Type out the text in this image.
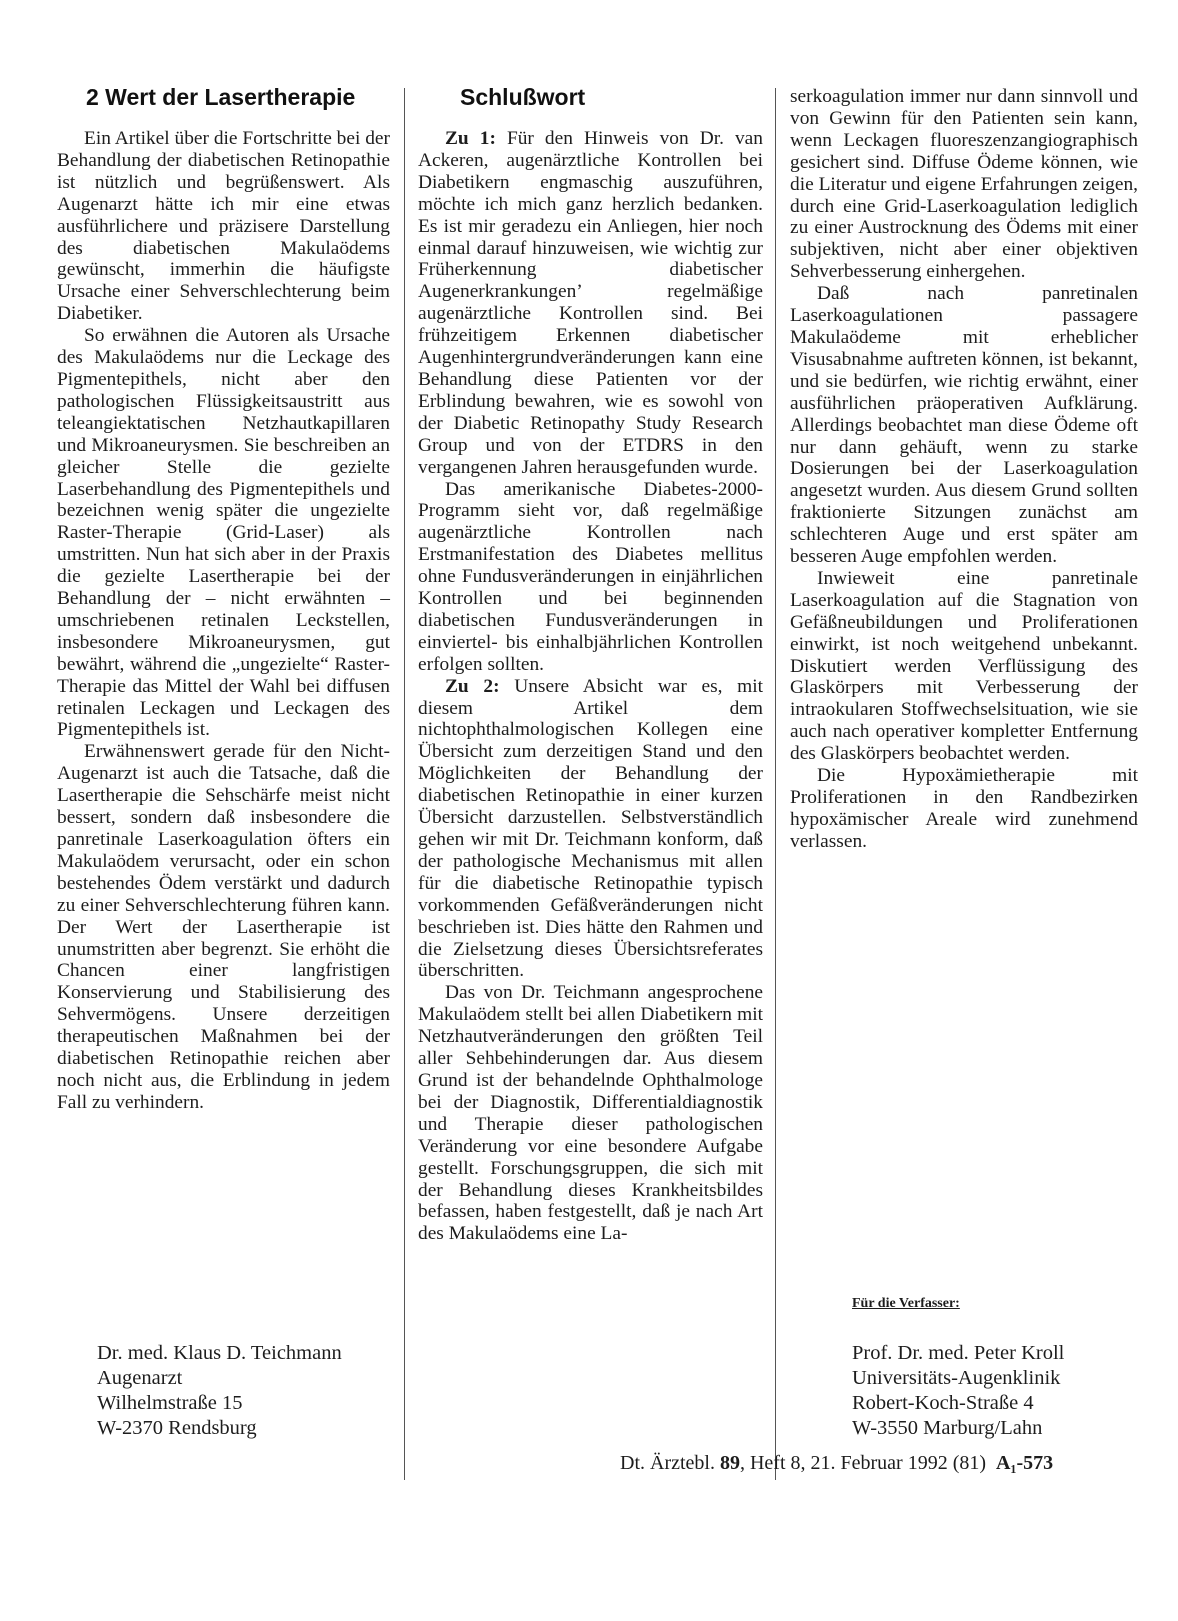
2 Wert der Lasertherapie

Ein Artikel über die Fortschritte bei der Behandlung der diabetischen Retinopathie ist nützlich und begrüßenswert. Als Augenarzt hätte ich mir eine etwas ausführlichere und präzisere Darstellung des diabetischen Makulaödems gewünscht, immerhin die häufigste Ursache einer Sehverschlechterung beim Diabetiker.

So erwähnen die Autoren als Ursache des Makulaödems nur die Leckage des Pigmentepithels, nicht aber den pathologischen Flüssigkeitsaustritt aus teleangiektatischen Netzhautkapillaren und Mikroaneurysmen. Sie beschreiben an gleicher Stelle die gezielte Laserbehandlung des Pigmentepithels und bezeichnen wenig später die ungezielte Raster-Therapie (Grid-Laser) als umstritten. Nun hat sich aber in der Praxis die gezielte Lasertherapie bei der Behandlung der – nicht erwähnten – umschriebenen retinalen Leckstellen, insbesondere Mikroaneurysmen, gut bewährt, während die „ungezielte“ Raster-Therapie das Mittel der Wahl bei diffusen retinalen Leckagen und Leckagen des Pigmentepithels ist.

Erwähnenswert gerade für den Nicht-Augenarzt ist auch die Tatsache, daß die Lasertherapie die Sehschärfe meist nicht bessert, sondern daß insbesondere die panretinale Laserkoagulation öfters ein Makulaödem verursacht, oder ein schon bestehendes Ödem verstärkt und dadurch zu einer Sehverschlechterung führen kann. Der Wert der Lasertherapie ist unumstritten aber begrenzt. Sie erhöht die Chancen einer langfristigen Konservierung und Stabilisierung des Sehvermögens. Unsere derzeitigen therapeutischen Maßnahmen bei der diabetischen Retinopathie reichen aber noch nicht aus, die Erblindung in jedem Fall zu verhindern.

Dr. med. Klaus D. Teichmann
Augenarzt
Wilhelmstraße 15
W-2370 Rendsburg
Schlußwort

Zu 1: Für den Hinweis von Dr. van Ackeren, augenärztliche Kontrollen bei Diabetikern engmaschig auszuführen, möchte ich mich ganz herzlich bedanken. Es ist mir geradezu ein Anliegen, hier noch einmal darauf hinzuweisen, wie wichtig zur Früherkennung diabetischer Augenerkrankungen’ regelmäßige augenärztliche Kontrollen sind. Bei frühzeitigem Erkennen diabetischer Augenhintergrundveränderungen kann eine Behandlung diese Patienten vor der Erblindung bewahren, wie es sowohl von der Diabetic Retinopathy Study Research Group und von der ETDRS in den vergangenen Jahren herausgefunden wurde.

Das amerikanische Diabetes-2000-Programm sieht vor, daß regelmäßige augenärztliche Kontrollen nach Erstmanifestation des Diabetes mellitus ohne Fundusveränderungen in einjährlichen Kontrollen und bei beginnenden diabetischen Fundusveränderungen in einviertel- bis einhalbjährlichen Kontrollen erfolgen sollten.

Zu 2: Unsere Absicht war es, mit diesem Artikel dem nichtophthalmologischen Kollegen eine Übersicht zum derzeitigen Stand und den Möglichkeiten der Behandlung der diabetischen Retinopathie in einer kurzen Übersicht darzustellen. Selbstverständlich gehen wir mit Dr. Teichmann konform, daß der pathologische Mechanismus mit allen für die diabetische Retinopathie typisch vorkommenden Gefäßveränderungen nicht beschrieben ist. Dies hätte den Rahmen und die Zielsetzung dieses Übersichtsreferates überschritten.

Das von Dr. Teichmann angesprochene Makulaödem stellt bei allen Diabetikern mit Netzhautveränderungen den größten Teil aller Sehbehinderungen dar. Aus diesem Grund ist der behandelnde Ophthalmologe bei der Diagnostik, Differentialdiagnostik und Therapie dieser pathologischen Veränderung vor eine besondere Aufgabe gestellt. Forschungsgruppen, die sich mit der Behandlung dieses Krankheitsbildes befassen, haben festgestellt, daß je nach Art des Makulaödems eine La-

serkoagulation immer nur dann sinnvoll und von Gewinn für den Patienten sein kann, wenn Leckagen fluoreszenzangiographisch gesichert sind. Diffuse Ödeme können, wie die Literatur und eigene Erfahrungen zeigen, durch eine Grid-Laserkoagulation lediglich zu einer Austrocknung des Ödems mit einer subjektiven, nicht aber einer objektiven Sehverbesserung einhergehen.

Daß nach panretinalen Laserkoagulationen passagere Makulaödeme mit erheblicher Visusabnahme auftreten können, ist bekannt, und sie bedürfen, wie richtig erwähnt, einer ausführlichen präoperativen Aufklärung. Allerdings beobachtet man diese Ödeme oft nur dann gehäuft, wenn zu starke Dosierungen bei der Laserkoagulation angesetzt wurden. Aus diesem Grund sollten fraktionierte Sitzungen zunächst am schlechteren Auge und erst später am besseren Auge empfohlen werden.

Inwieweit eine panretinale Laserkoagulation auf die Stagnation von Gefäßneubildungen und Proliferationen einwirkt, ist noch weitgehend unbekannt. Diskutiert werden Verflüssigung des Glaskörpers mit Verbesserung der intraokularen Stoffwechselsituation, wie sie auch nach operativer kompletter Entfernung des Glaskörpers beobachtet werden.

Die Hypoxämietherapie mit Proliferationen in den Randbezirken hypoxämischer Areale wird zunehmend verlassen.

Für die Verfasser:
Prof. Dr. med. Peter Kroll
Universitäts-Augenklinik
Robert-Koch-Straße 4
W-3550 Marburg/Lahn
Dt. Ärztebl. 89, Heft 8, 21. Februar 1992 (81) A₁-573
